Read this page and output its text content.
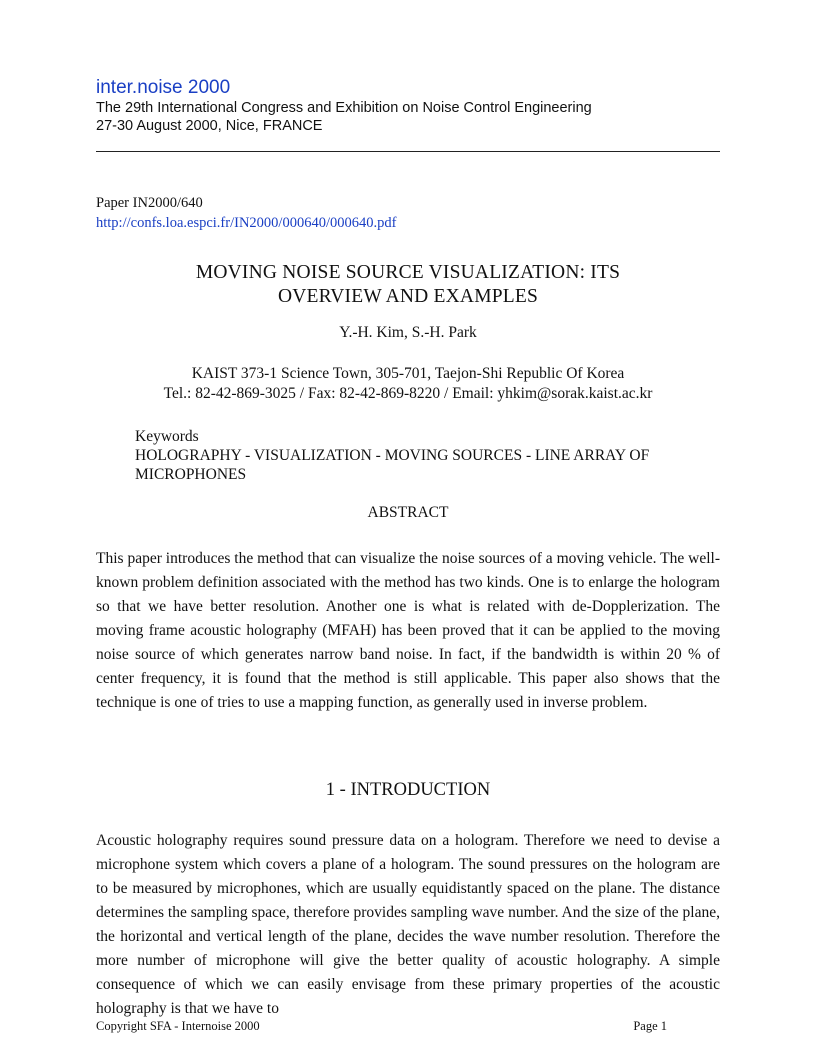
inter.noise 2000
The 29th International Congress and Exhibition on Noise Control Engineering
27-30 August 2000, Nice, FRANCE
Paper IN2000/640
http://confs.loa.espci.fr/IN2000/000640/000640.pdf
MOVING NOISE SOURCE VISUALIZATION: ITS
OVERVIEW AND EXAMPLES
Y.-H. Kim, S.-H. Park
KAIST 373-1 Science Town, 305-701, Taejon-Shi Republic Of Korea
Tel.: 82-42-869-3025 / Fax: 82-42-869-8220 / Email: yhkim@sorak.kaist.ac.kr
Keywords
HOLOGRAPHY - VISUALIZATION - MOVING SOURCES - LINE ARRAY OF MICROPHONES
ABSTRACT
This paper introduces the method that can visualize the noise sources of a moving vehicle. The well-known problem definition associated with the method has two kinds. One is to enlarge the hologram so that we have better resolution. Another one is what is related with de-Dopplerization. The moving frame acoustic holography (MFAH) has been proved that it can be applied to the moving noise source of which generates narrow band noise. In fact, if the bandwidth is within 20 % of center frequency, it is found that the method is still applicable. This paper also shows that the technique is one of tries to use a mapping function, as generally used in inverse problem.
1 - INTRODUCTION
Acoustic holography requires sound pressure data on a hologram. Therefore we need to devise a microphone system which covers a plane of a hologram. The sound pressures on the hologram are to be measured by microphones, which are usually equidistantly spaced on the plane. The distance determines the sampling space, therefore provides sampling wave number. And the size of the plane, the horizontal and vertical length of the plane, decides the wave number resolution. Therefore the more number of microphone will give the better quality of acoustic holography. A simple consequence of which we can easily envisage from these primary properties of the acoustic holography is that we have to
Copyright SFA - Internoise 2000	Page 1
